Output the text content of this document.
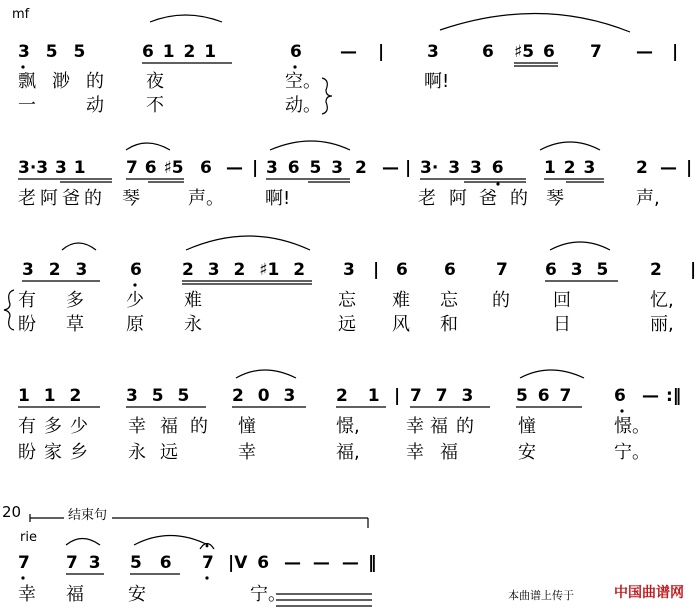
mf
20	结束句
rie
3 5 5	6 1 2 1	6 — |	3	6 ♯5 6 7 — |
飘 渺 的 夜	空。	啊!
一	动 不	动。
3·3 3 1 7 6 ♯5 6 — | 3 6 5 3 2 — | 3· 3 3 6 1 2 3 2 — |
老 阿 爸 的 琴	声。 啊!	老 阿 爸 的 琴	声,
3 2 3	6 2 3 2 ♯1 2 3 | 6 6 7 6 3 5 2 |
有 多 少 难	忘 难 忘 的 回	忆,
盼 草 原 永	远 风 和	日	丽,
1 1 2	3 5 5	2 0 3 2 1 | 7 7 3	5 6 7	6 — :‖
有 多 少 幸 福 的 憧	憬,	幸 福 的 憧	憬。
盼 家 乡 永 远	幸	福,	幸 福	安	宁。
7 7 3 5 6 7 |V 6 — — — ‖
幸 福 安	宁。	本曲谱上传于	中国曲谱网
